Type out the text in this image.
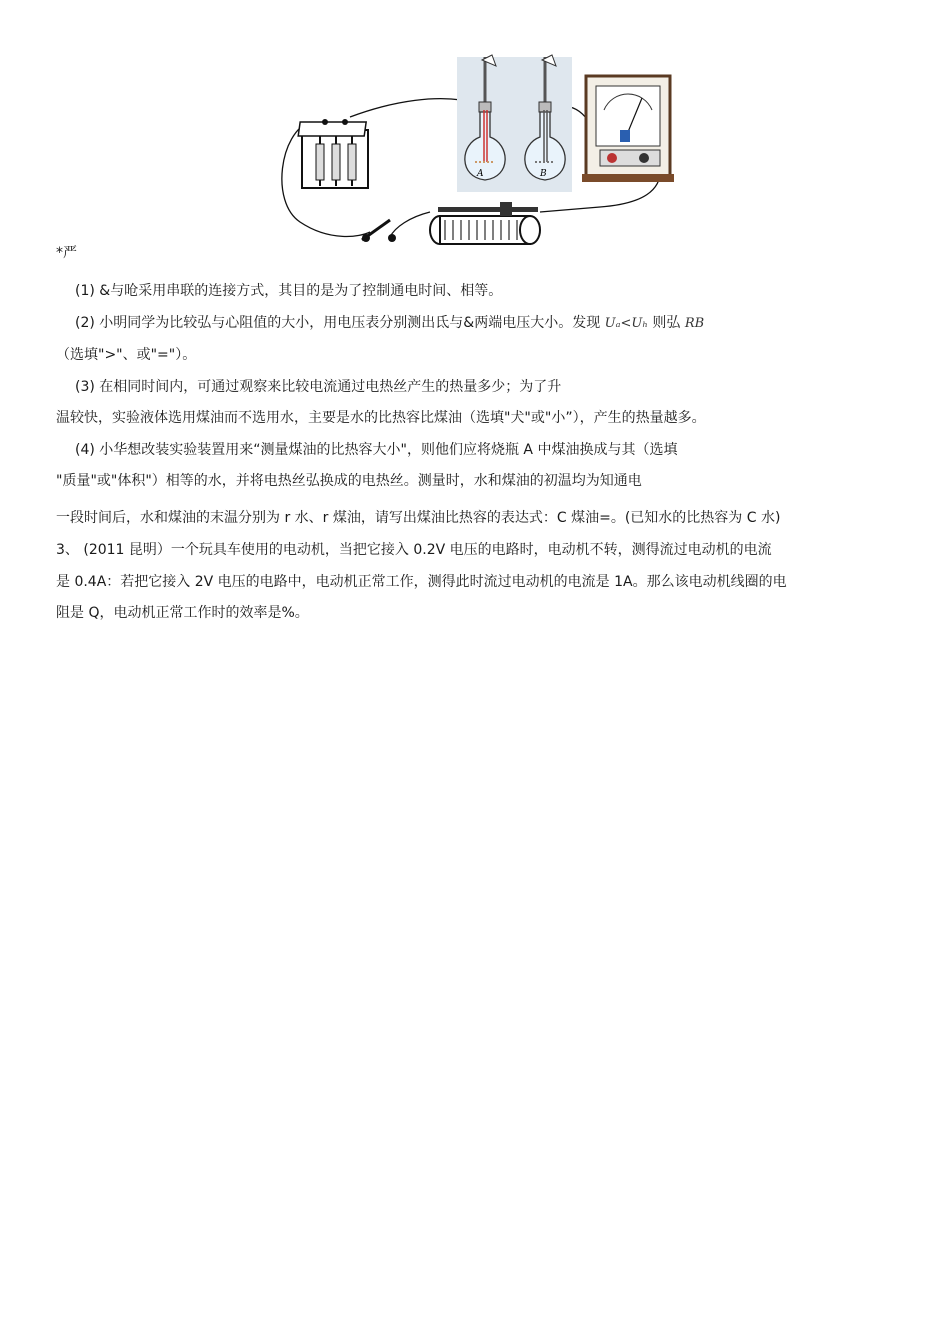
A	B
*严
(1) &与呛采用串联的连接方式，其目的是为了控制通电时间、相等。
(2) 小明同学为比较弘与心阻值的大小，用电压表分别测出氐与&两端电压大小。发现 Uₐ<Uₕ 则弘 RB
（选填">"、或"="）。
(3) 在相同时间内，可通过观察来比较电流通过电热丝产生的热量多少；为了升
温较快，实验液体选用煤油而不选用水，主要是水的比热容比煤油（选填"犬"或"小”），产生的热量越多。
(4) 小华想改装实验装置用来“测量煤油的比热容大小"，则他们应将烧瓶 A 中煤油换成与其（选填
"质量"或"体积"）相等的水，并将电热丝弘换成的电热丝。测量时，水和煤油的初温均为知通电
一段时间后，水和煤油的末温分别为 r 水、r 煤油，请写出煤油比热容的表达式：C 煤油=。(已知水的比热容为 C 水)
3、 (2011 昆明）一个玩具车使用的电动机，当把它接入 0.2V 电压的电路时，电动机不转，测得流过电动机的电流
是 0.4A：若把它接入 2V 电压的电路中，电动机正常工作，测得此时流过电动机的电流是 1A。那么该电动机线圈的电
阻是 Q，电动机正常工作时的效率是%。
